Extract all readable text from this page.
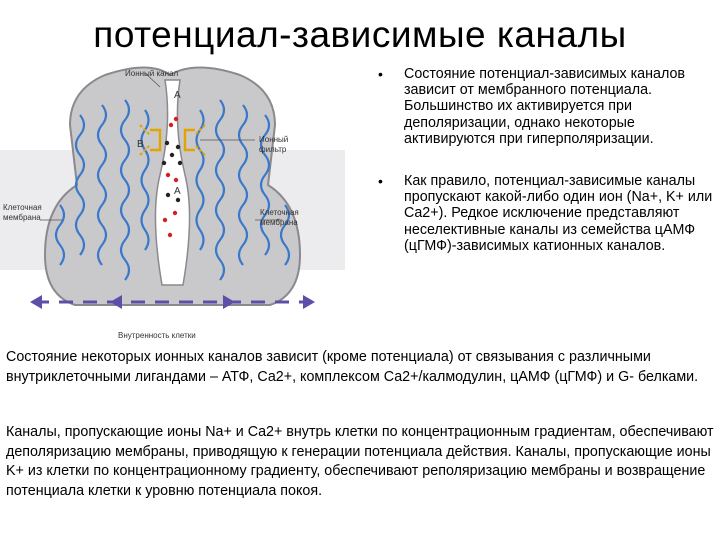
потенциал-зависимые каналы
Ионный канал
Ионный
фильтр
Клеточная
мембрана
Клеточная
мембрана
Внутренность клетки
A
B
A
•	Состояние потенциал-зависимых каналов зависит от мембранного потенциала. Большинство их активируется при деполяризации, однако некоторые активируются при гиперполяризации.
•	Как правило, потенциал-зависимые каналы пропускают какой-либо один ион (Na+, K+ или Ca2+). Редкое исключение представляют неселективные каналы из семейства цАМФ (цГМФ)-зависимых катионных каналов.
Состояние некоторых ионных каналов зависит (кроме потенциала) от связывания с различными внутриклеточными лигандами – АТФ, Са2+, комплексом Са2+/калмодулин, цАМФ (цГМФ) и G- белками.
Каналы, пропускающие ионы Na+ и Ca2+ внутрь клетки по концентрационным градиентам, обеспечивают деполяризацию мембраны, приводящую к генерации потенциала действия. Каналы, пропускающие ионы K+ из клетки по концентрационному градиенту, обеспечивают реполяризацию мембраны и возвращение потенциала клетки к уровню потенциала покоя.
